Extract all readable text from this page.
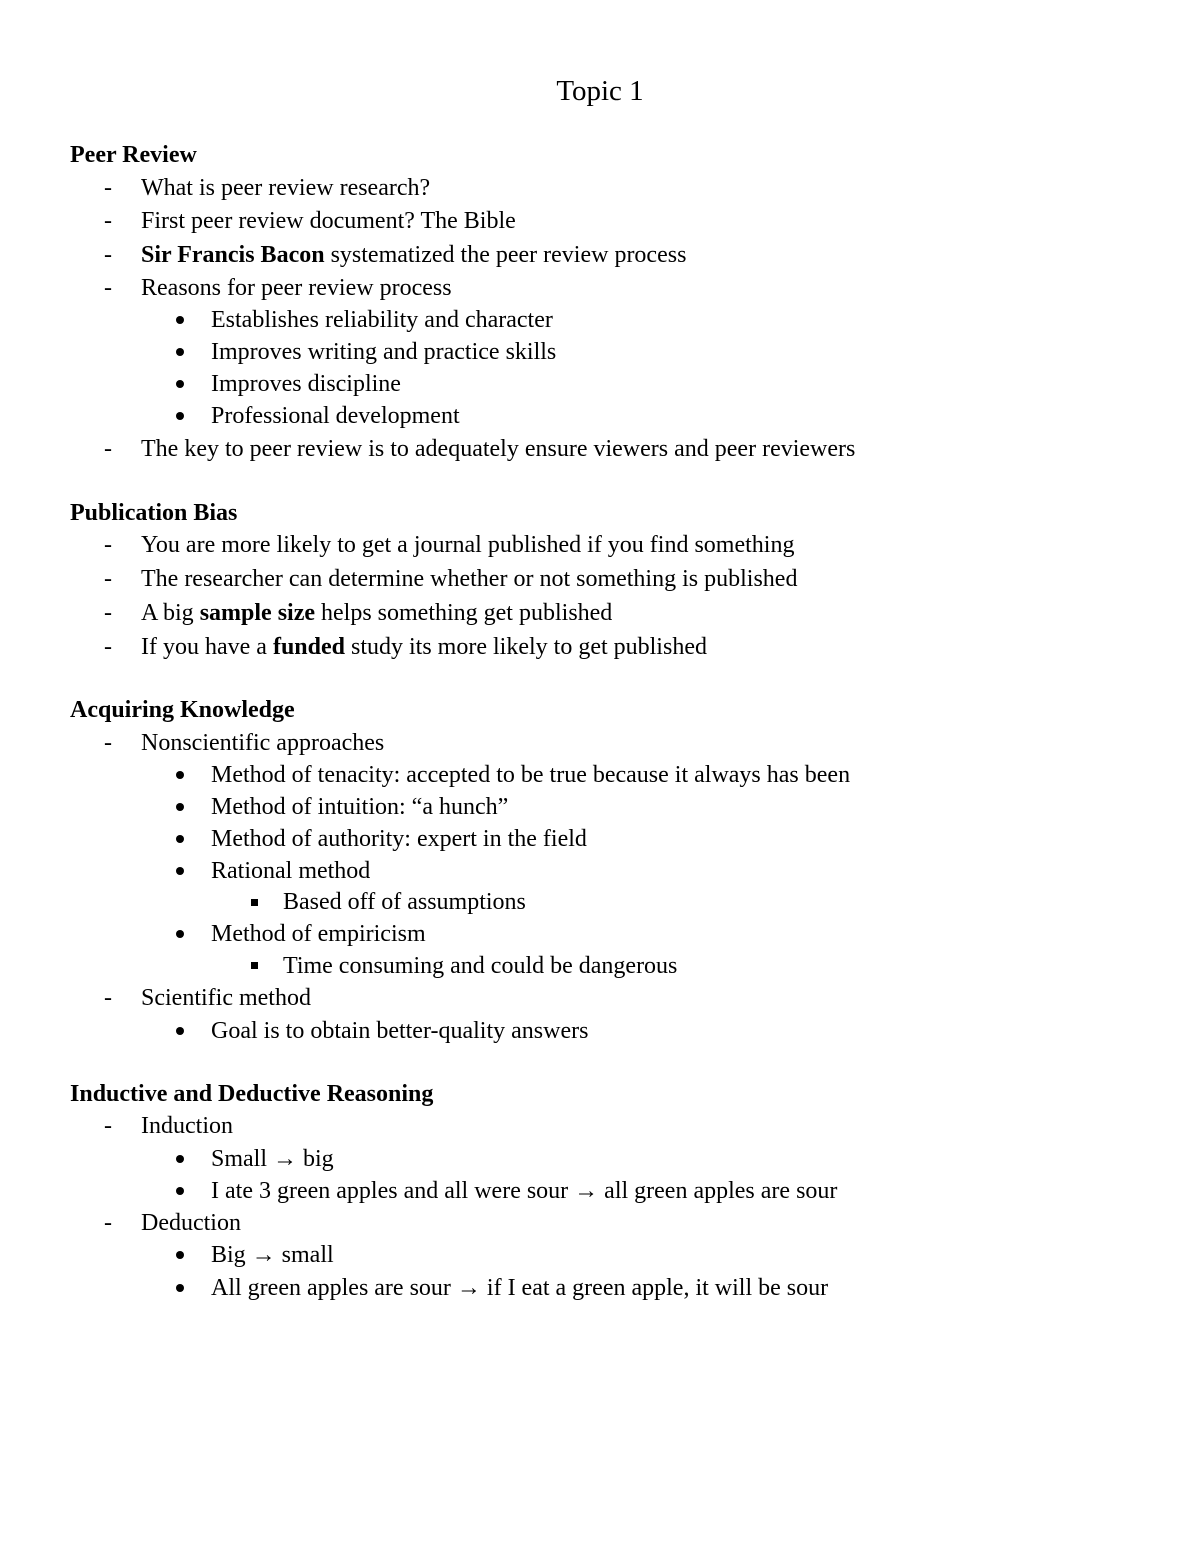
Topic 1
Peer Review
- What is peer review research?
- First peer review document? The Bible
- Sir Francis Bacon systematized the peer review process
- Reasons for peer review process
Establishes reliability and character
Improves writing and practice skills
Improves discipline
Professional development
- The key to peer review is to adequately ensure viewers and peer reviewers
Publication Bias
- You are more likely to get a journal published if you find something
- The researcher can determine whether or not something is published
- A big sample size helps something get published
- If you have a funded study its more likely to get published
Acquiring Knowledge
- Nonscientific approaches
Method of tenacity: accepted to be true because it always has been
Method of intuition: “a hunch”
Method of authority: expert in the field
Rational method
Based off of assumptions
Method of empiricism
Time consuming and could be dangerous
- Scientific method
Goal is to obtain better-quality answers
Inductive and Deductive Reasoning
- Induction
Small → big
I ate 3 green apples and all were sour → all green apples are sour
- Deduction
Big → small
All green apples are sour → if I eat a green apple, it will be sour
